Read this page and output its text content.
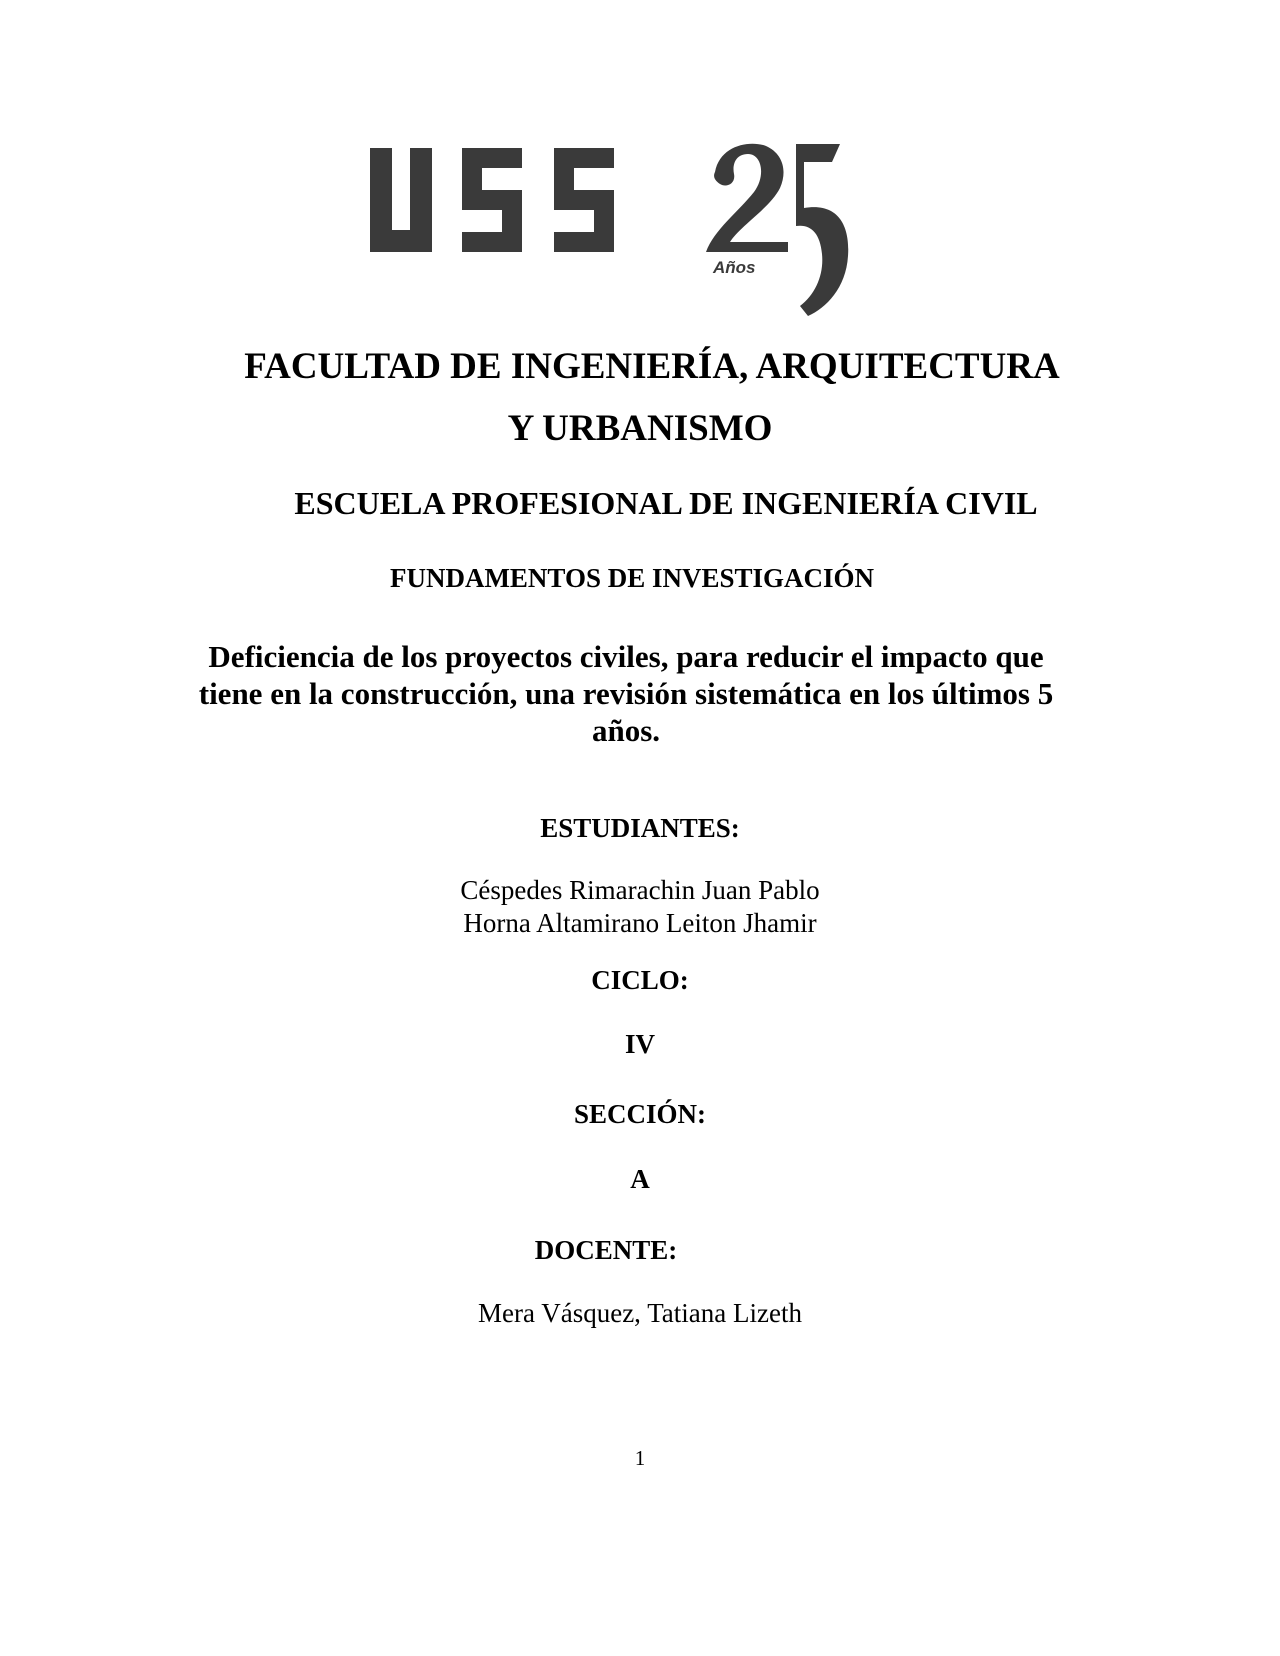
Años
FACULTAD DE INGENIERÍA, ARQUITECTURA
Y URBANISMO
ESCUELA PROFESIONAL DE INGENIERÍA CIVIL
FUNDAMENTOS DE INVESTIGACIÓN
Deficiencia de los proyectos civiles, para reducir el impacto que
tiene en la construcción, una revisión sistemática en los últimos 5
años.
ESTUDIANTES:
Céspedes Rimarachin Juan Pablo
Horna Altamirano Leiton Jhamir
CICLO:
IV
SECCIÓN:
A
DOCENTE:
Mera Vásquez, Tatiana Lizeth
1
